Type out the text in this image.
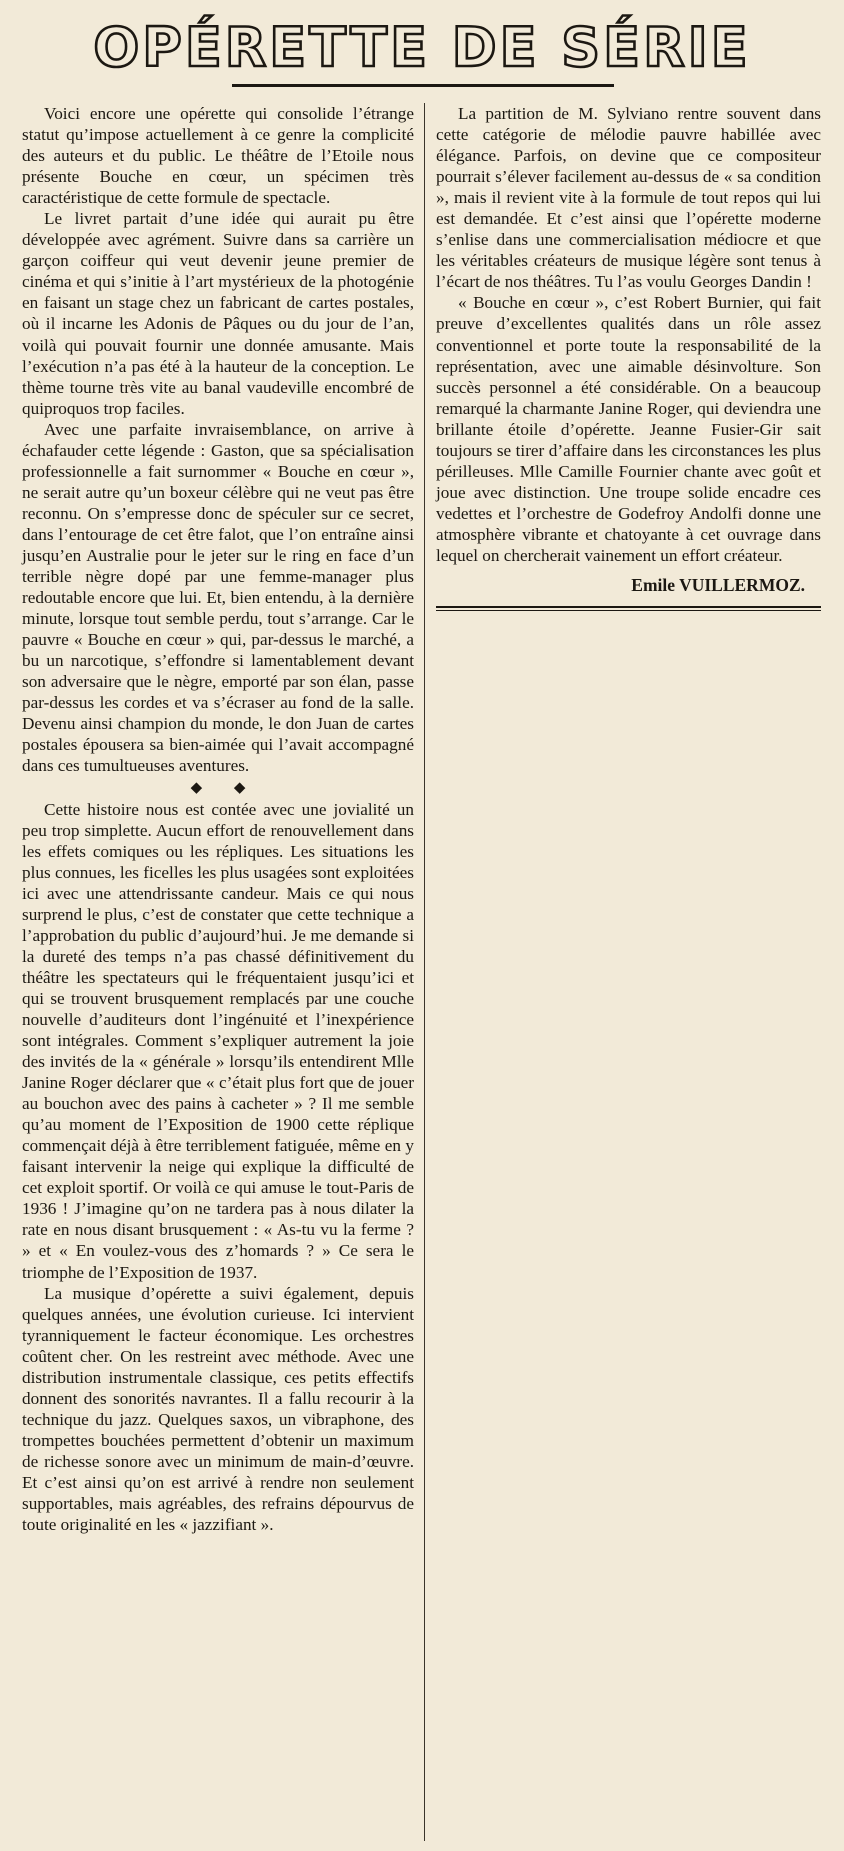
OPÉRETTE DE SÉRIE

Voici encore une opérette qui consolide l’étrange statut qu’impose actuellement à ce genre la complicité des auteurs et du public. Le théâtre de l’Etoile nous présente Bouche en cœur, un spécimen très caractéristique de cette formule de spectacle.

Le livret partait d’une idée qui aurait pu être développée avec agrément. Suivre dans sa carrière un garçon coiffeur qui veut devenir jeune premier de cinéma et qui s’initie à l’art mystérieux de la photogénie en faisant un stage chez un fabricant de cartes postales, où il incarne les Adonis de Pâques ou du jour de l’an, voilà qui pouvait fournir une donnée amusante. Mais l’exécution n’a pas été à la hauteur de la conception. Le thème tourne très vite au banal vaudeville encombré de quiproquos trop faciles.

Avec une parfaite invraisemblance, on arrive à échafauder cette légende : Gaston, que sa spécialisation professionnelle a fait surnommer « Bouche en cœur », ne serait autre qu’un boxeur célèbre qui ne veut pas être reconnu. On s’empresse donc de spéculer sur ce secret, dans l’entourage de cet être falot, que l’on entraîne ainsi jusqu’en Australie pour le jeter sur le ring en face d’un terrible nègre dopé par une femme-manager plus redoutable encore que lui. Et, bien entendu, à la dernière minute, lorsque tout semble perdu, tout s’arrange. Car le pauvre « Bouche en cœur » qui, par-dessus le marché, a bu un narcotique, s’effondre si lamentablement devant son adversaire que le nègre, emporté par son élan, passe par-dessus les cordes et va s’écraser au fond de la salle. Devenu ainsi champion du monde, le don Juan de cartes postales épousera sa bien-aimée qui l’avait accompagné dans ces tumultueuses aventures.

◆ ◆

Cette histoire nous est contée avec une jovialité un peu trop simplette. Aucun effort de renouvellement dans les effets comiques ou les répliques. Les situations les plus connues, les ficelles les plus usagées sont exploitées ici avec une attendrissante candeur. Mais ce qui nous surprend le plus, c’est de constater que cette technique a l’approbation du public d’aujourd’hui. Je me demande si la dureté des temps n’a pas chassé définitivement du théâtre les spectateurs qui le fréquentaient jusqu’ici et qui se trouvent brusquement remplacés par une couche nouvelle d’auditeurs dont l’ingénuité et l’inexpérience sont intégrales. Comment s’expliquer autrement la joie des invités de la « générale » lorsqu’ils entendirent Mlle Janine Roger déclarer que « c’était plus fort que de jouer au bouchon avec des pains à cacheter » ? Il me semble qu’au moment de l’Exposition de 1900 cette réplique commençait déjà à être terriblement fatiguée, même en y faisant intervenir la neige qui explique la difficulté de cet exploit sportif. Or voilà ce qui amuse le tout-Paris de 1936 ! J’imagine qu’on ne tardera pas à nous dilater la rate en nous disant brusquement : « As-tu vu la ferme ? » et « En voulez-vous des z’homards ? » Ce sera le triomphe de l’Exposition de 1937.

La musique d’opérette a suivi également, depuis quelques années, une évolution curieuse. Ici intervient tyranniquement le facteur économique. Les orchestres coûtent cher. On les restreint avec méthode. Avec une distribution instrumentale classique, ces petits effectifs donnent des sonorités navrantes. Il a fallu recourir à la technique du jazz. Quelques saxos, un vibraphone, des trompettes bouchées permettent d’obtenir un maximum de richesse sonore avec un minimum de main-d’œuvre. Et c’est ainsi qu’on est arrivé à rendre non seulement supportables, mais agréables, des refrains dépourvus de toute originalité en les « jazzifiant ».

La partition de M. Sylviano rentre souvent dans cette catégorie de mélodie pauvre habillée avec élégance. Parfois, on devine que ce compositeur pourrait s’élever facilement au-dessus de « sa condition », mais il revient vite à la formule de tout repos qui lui est demandée. Et c’est ainsi que l’opérette moderne s’enlise dans une commercialisation médiocre et que les véritables créateurs de musique légère sont tenus à l’écart de nos théâtres. Tu l’as voulu Georges Dandin !

« Bouche en cœur », c’est Robert Burnier, qui fait preuve d’excellentes qualités dans un rôle assez conventionnel et porte toute la responsabilité de la représentation, avec une aimable désinvolture. Son succès personnel a été considérable. On a beaucoup remarqué la charmante Janine Roger, qui deviendra une brillante étoile d’opérette. Jeanne Fusier-Gir sait toujours se tirer d’affaire dans les circonstances les plus périlleuses. Mlle Camille Fournier chante avec goût et joue avec distinction. Une troupe solide encadre ces vedettes et l’orchestre de Godefroy Andolfi donne une atmosphère vibrante et chatoyante à cet ouvrage dans lequel on chercherait vainement un effort créateur.

Emile VUILLERMOZ.
